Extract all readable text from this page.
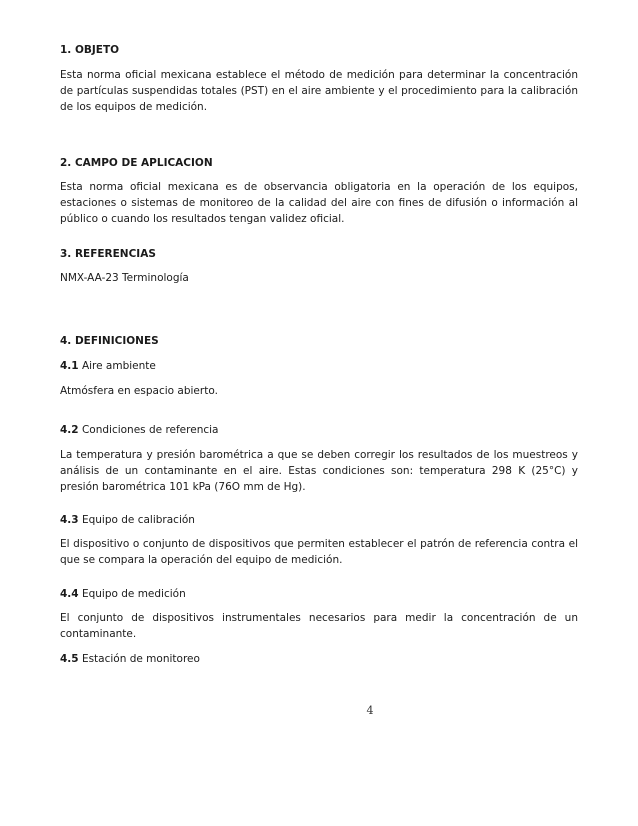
1. OBJETO

Esta norma oficial mexicana establece el método de medición para determinar la concentración de partículas suspendidas totales (PST) en el aire ambiente y el procedimiento para la calibración de los equipos de medición.

2. CAMPO DE APLICACION

Esta norma oficial mexicana es de observancia obligatoria en la operación de los equipos, estaciones o sistemas de monitoreo de la calidad del aire con fines de difusión o información al público o cuando los resultados tengan validez oficial.

3. REFERENCIAS

NMX-AA-23 Terminología

4. DEFINICIONES

4.1 Aire ambiente

Atmósfera en espacio abierto.

4.2 Condiciones de referencia

La temperatura y presión barométrica a que se deben corregir los resultados de los muestreos y análisis de un contaminante en el aire. Estas condiciones son: temperatura 298 K (25°C) y presión barométrica 101 kPa (76O mm de Hg).

4.3 Equipo de calibración

El dispositivo o conjunto de dispositivos que permiten establecer el patrón de referencia contra el que se compara la operación del equipo de medición.

4.4 Equipo de medición

El conjunto de dispositivos instrumentales necesarios para medir la concentración de un contaminante.

4.5 Estación de monitoreo

4
